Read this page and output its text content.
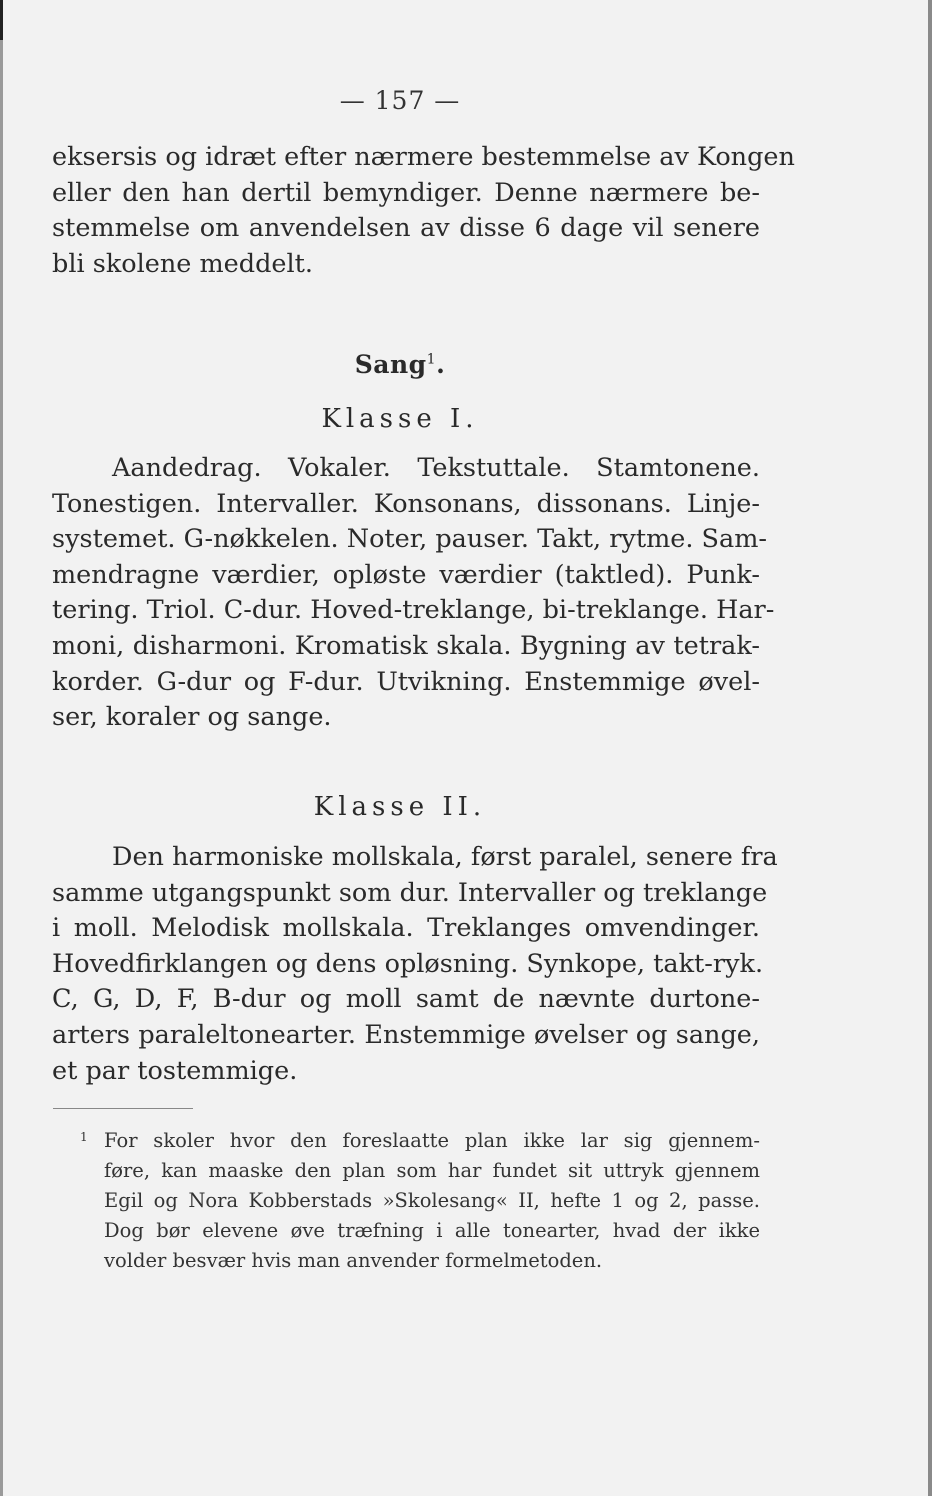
— 157 —

eksersis og idræt efter nærmere bestemmelse av Kongen
eller den han dertil bemyndiger. Denne nærmere be-
stemmelse om anvendelsen av disse 6 dage vil senere
bli skolene meddelt.

Sang$^1$.
Klasse I.

Aandedrag. Vokaler. Tekstuttale. Stamtonene.
Tonestigen. Intervaller. Konsonans, dissonans. Linje-
systemet. G-nøkkelen. Noter, pauser. Takt, rytme. Sam-
mendragne værdier, opløste værdier (taktled). Punk-
tering. Triol. C-dur. Hoved-treklange, bi-treklange. Har-
moni, disharmoni. Kromatisk skala. Bygning av tetrak-
korder. G-dur og F-dur. Utvikning. Enstemmige øvel-
ser, koraler og sange.

Klasse II.

Den harmoniske mollskala, først paralel, senere fra
samme utgangspunkt som dur. Intervaller og treklange
i moll. Melodisk mollskala. Treklanges omvendinger.
Hovedfirklangen og dens opløsning. Synkope, takt-ryk.
C, G, D, F, B-dur og moll samt de nævnte durtone-
arters paraleltonearter. Enstemmige øvelser og sange,
et par tostemmige.

1 For skoler hvor den foreslaatte plan ikke lar sig gjennem-
føre, kan maaske den plan som har fundet sit uttryk gjennem
Egil og Nora Kobberstads »Skolesang« II, hefte 1 og 2, passe.
Dog bør elevene øve træfning i alle tonearter, hvad der ikke
volder besvær hvis man anvender formelmetoden.
